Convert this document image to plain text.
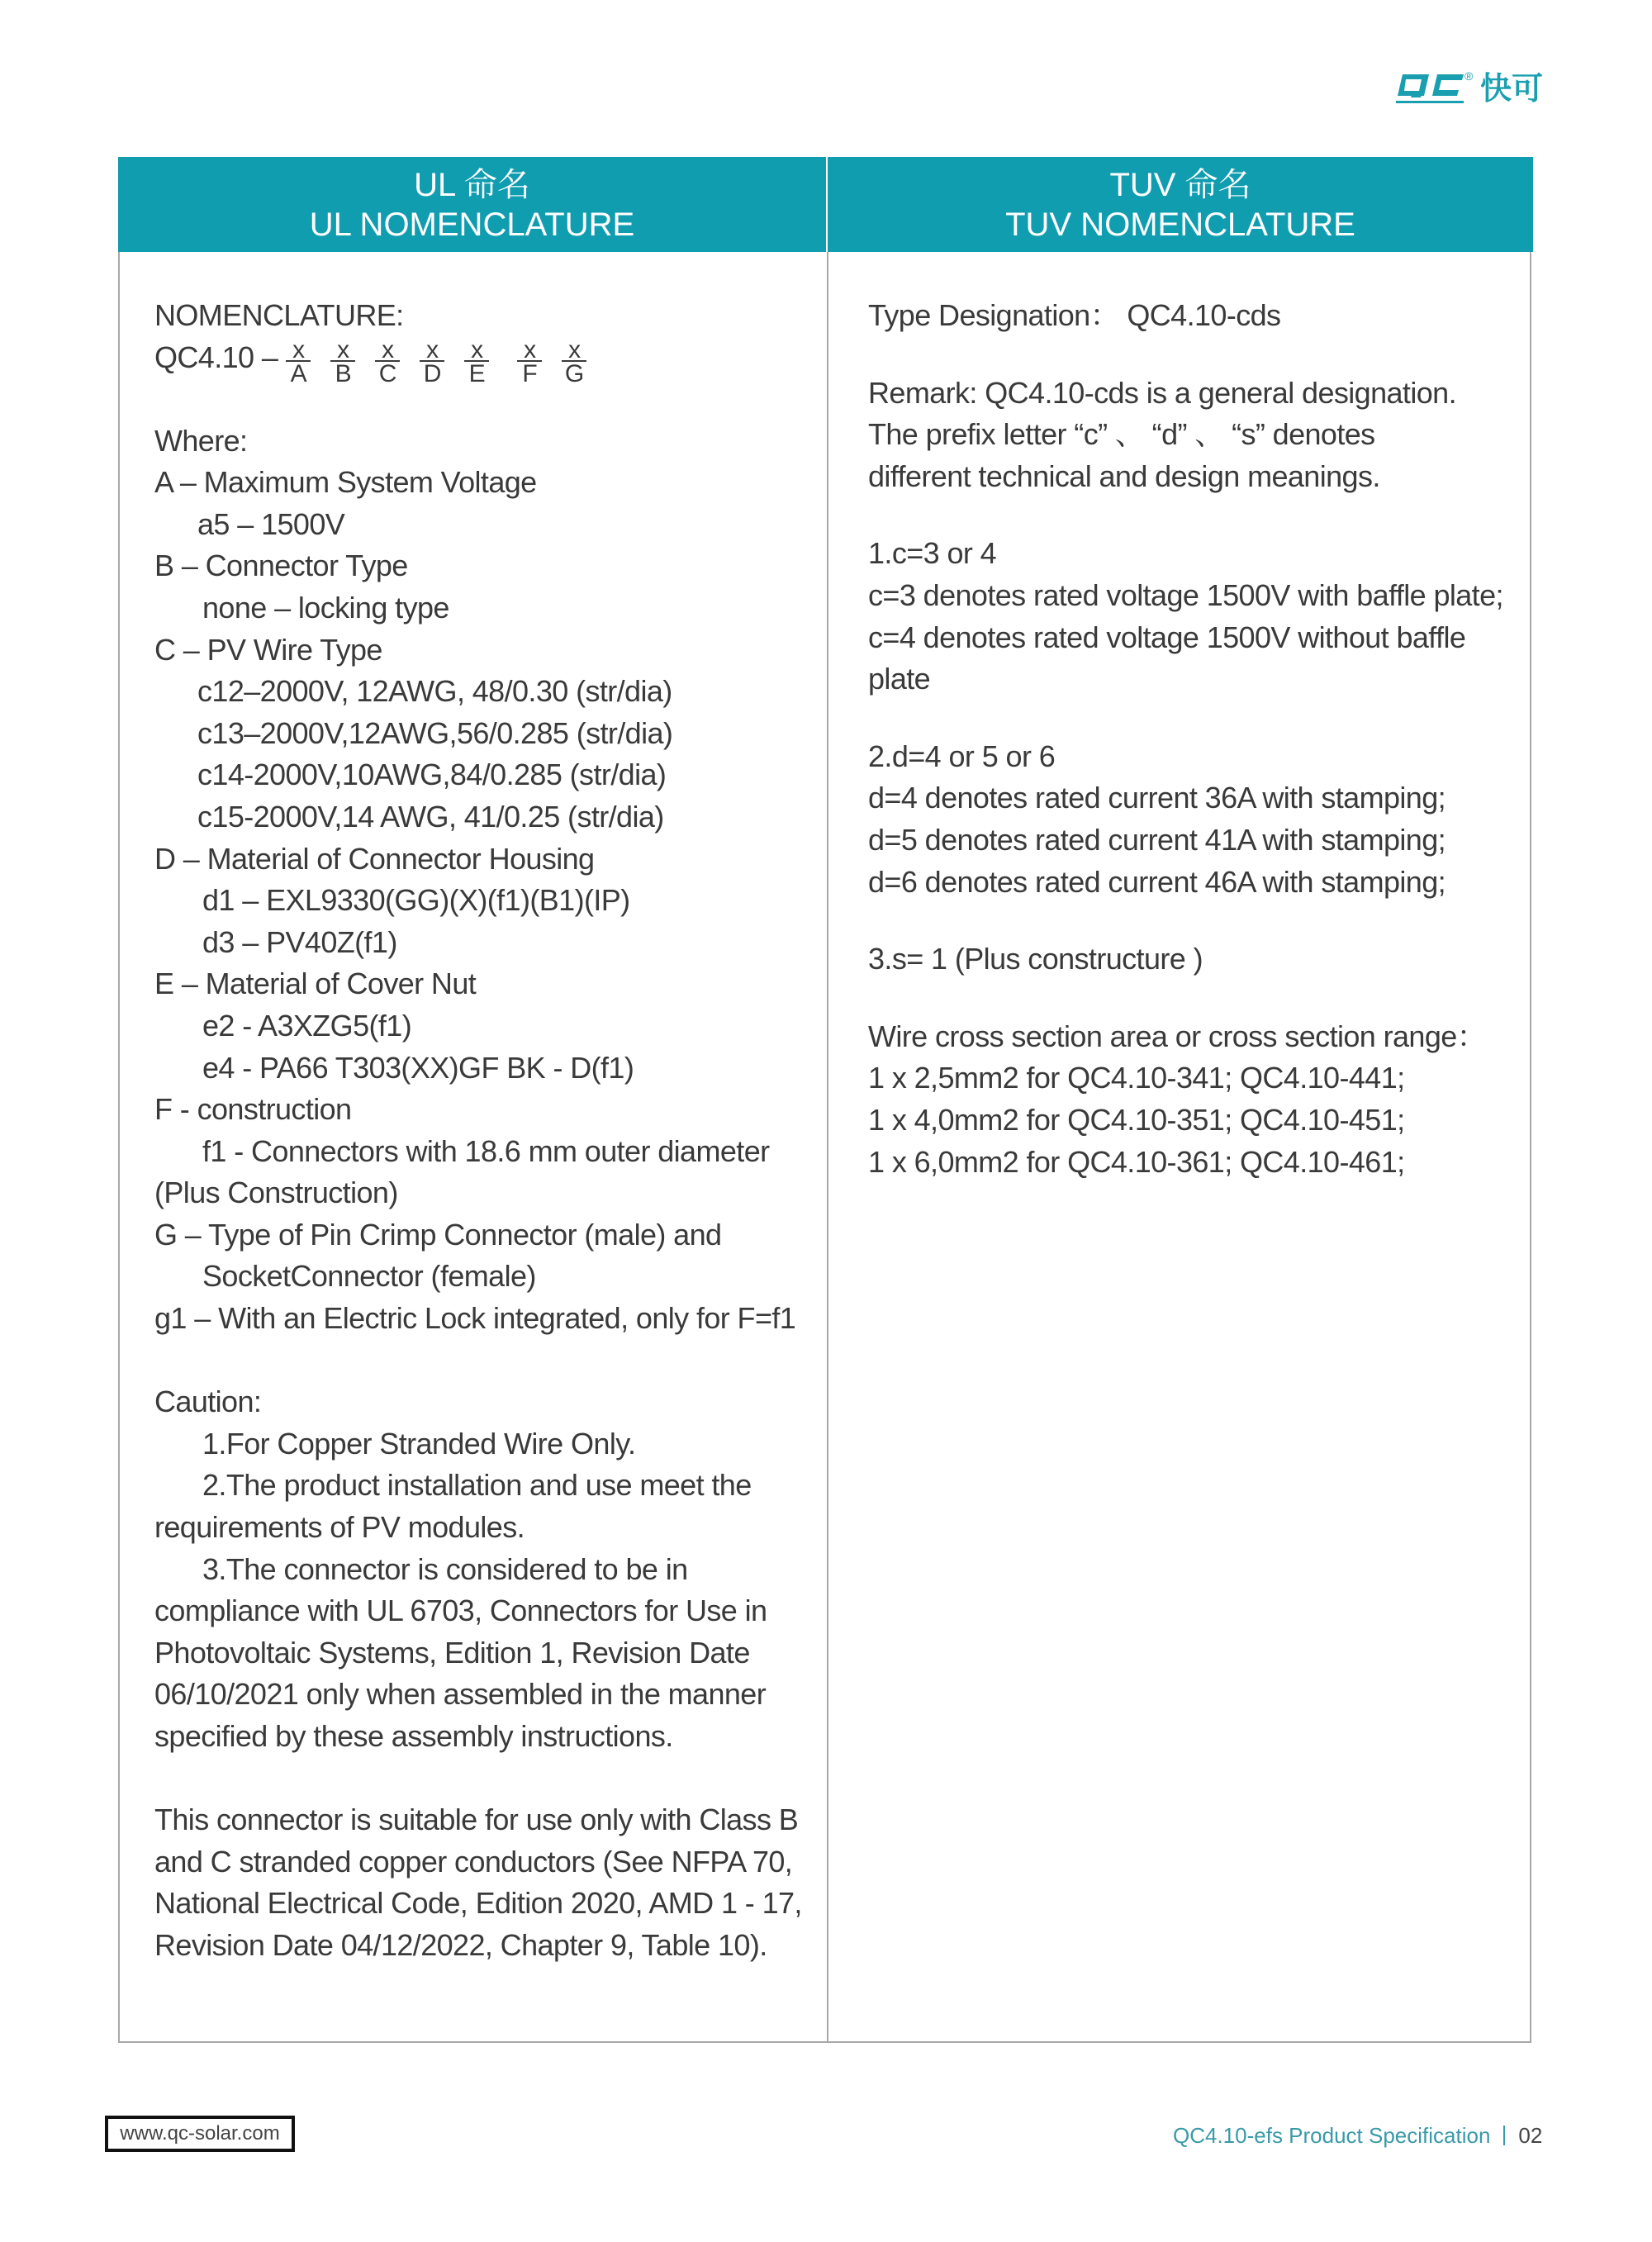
® 快可
UL 命名
UL NOMENCLATURE
TUV 命名
TUV NOMENCLATURE
NOMENCLATURE:
$QC4.10 - \frac{x}{A} \frac{x}{B} \frac{x}{C} \frac{x}{D} \frac{x}{E} \frac{x}{F} \frac{x}{G}$
Where:
A – Maximum System Voltage
a5 – 1500V
B – Connector Type
none – locking type
C – PV Wire Type
c12–2000V, 12AWG, 48/0.30 (str/dia)
c13–2000V,12AWG,56/0.285 (str/dia)
c14-2000V,10AWG,84/0.285 (str/dia)
c15-2000V,14 AWG, 41/0.25 (str/dia)
D – Material of Connector Housing
d1 – EXL9330(GG)(X)(f1)(B1)(IP)
d3 – PV40Z(f1)
E – Material of Cover Nut
e2 - A3XZG5(f1)
e4 - PA66 T303(XX)GF BK - D(f1)
F - construction
f1 - Connectors with 18.6 mm outer diameter
(Plus Construction)
G – Type of Pin Crimp Connector (male) and
SocketConnector (female)
g1 – With an Electric Lock integrated, only for F=f1
Caution:
1.For Copper Stranded Wire Only.
2.The product installation and use meet the
requirements of PV modules.
3.The connector is considered to be in
compliance with UL 6703, Connectors for Use in
Photovoltaic Systems, Edition 1, Revision Date
06/10/2021 only when assembled in the manner
specified by these assembly instructions.
This connector is suitable for use only with Class B
and C stranded copper conductors (See NFPA 70,
National Electrical Code, Edition 2020, AMD 1 - 17,
Revision Date 04/12/2022, Chapter 9, Table 10).
Type Designation： QC4.10-cds
Remark: QC4.10-cds is a general designation.
The prefix letter “c” 、 “d” 、 “s” denotes
different technical and design meanings.
1.c=3 or 4
c=3 denotes rated voltage 1500V with baffle plate;
c=4 denotes rated voltage 1500V without baffle
plate
2.d=4 or 5 or 6
d=4 denotes rated current 36A with stamping;
d=5 denotes rated current 41A with stamping;
d=6 denotes rated current 46A with stamping;
3.s= 1 (Plus constructure )
Wire cross section area or cross section range：
1 x 2,5mm2 for QC4.10-341; QC4.10-441;
1 x 4,0mm2 for QC4.10-351; QC4.10-451;
1 x 6,0mm2 for QC4.10-361; QC4.10-461;
www.qc-solar.com	QC4.10-efs Product Specification 02
